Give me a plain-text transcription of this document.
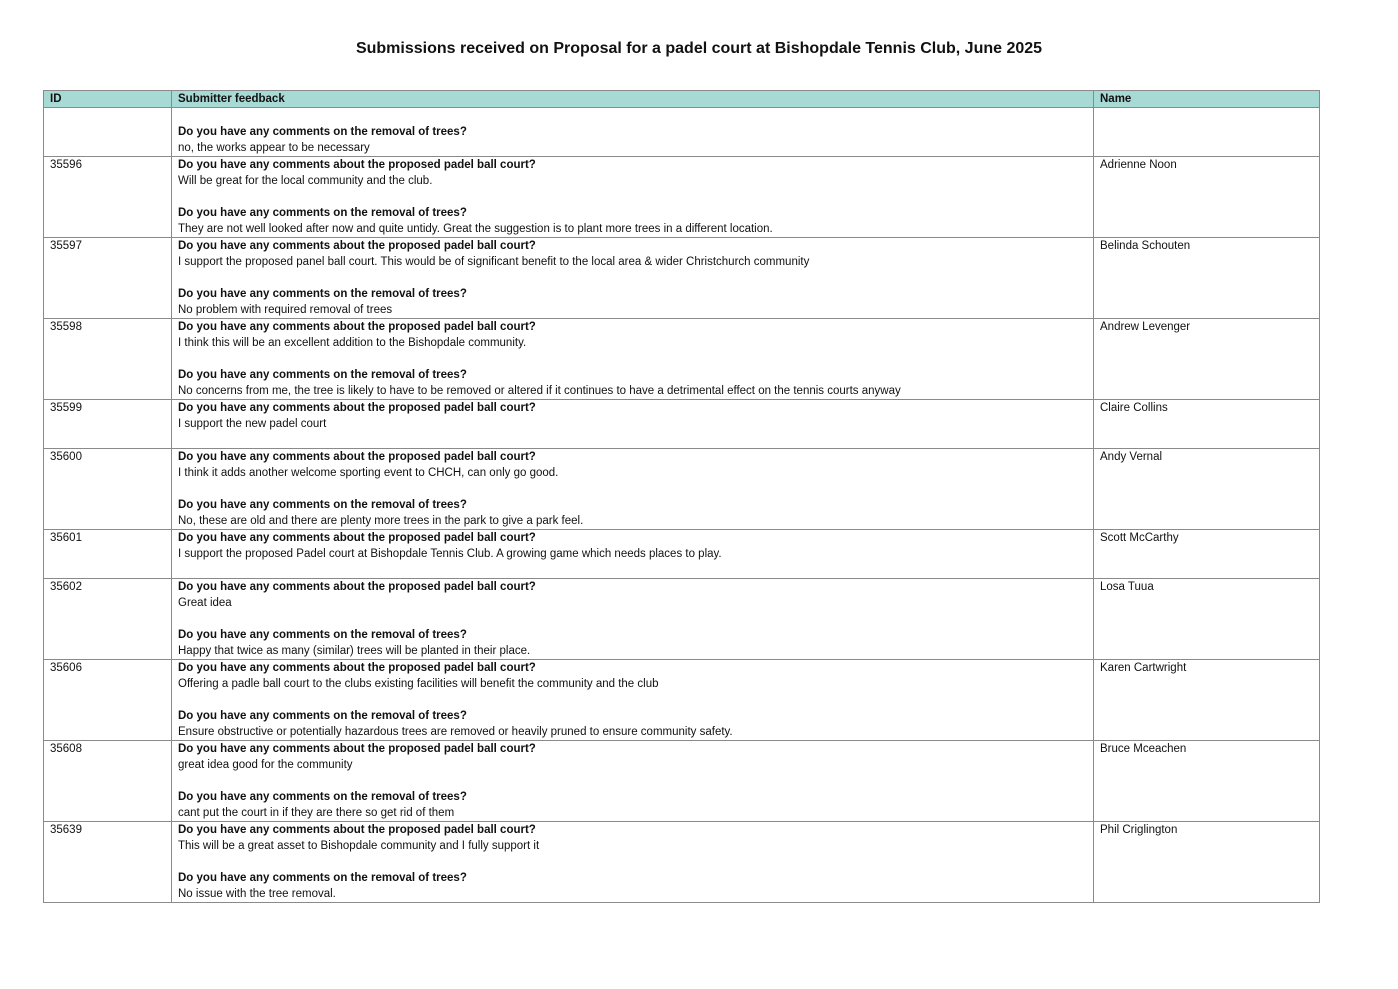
Submissions received on Proposal for a padel court at Bishopdale Tennis Club, June 2025
ID	Submitter feedback	Name

	Do you have any comments on the removal of trees?
no, the works appear to be necessary	

35596	Do you have any comments about the proposed padel ball court?
Will be great for the local community and the club.
Do you have any comments on the removal of trees?
They are not well looked after now and quite untidy. Great the suggestion is to plant more trees in a different location.	Adrienne Noon
35597	Do you have any comments about the proposed padel ball court?
I support the proposed panel ball court. This would be of significant benefit to the local area & wider Christchurch community
Do you have any comments on the removal of trees?
No problem with required removal of trees	Belinda Schouten
35598	Do you have any comments about the proposed padel ball court?
I think this will be an excellent addition to the Bishopdale community.
Do you have any comments on the removal of trees?
No concerns from me, the tree is likely to have to be removed or altered if it continues to have a detrimental effect on the tennis courts anyway	Andrew Levenger
35599	Do you have any comments about the proposed padel ball court?
I support the new padel court	Claire Collins
35600	Do you have any comments about the proposed padel ball court?
I think it adds another welcome sporting event to CHCH, can only go good.
Do you have any comments on the removal of trees?
No, these are old and there are plenty more trees in the park to give a park feel.	Andy Vernal
35601	Do you have any comments about the proposed padel ball court?
I support the proposed Padel court at Bishopdale Tennis Club. A growing game which needs places to play.	Scott McCarthy
35602	Do you have any comments about the proposed padel ball court?
Great idea
Do you have any comments on the removal of trees?
Happy that twice as many (similar) trees will be planted in their place.	Losa Tuua
35606	Do you have any comments about the proposed padel ball court?
Offering a padle ball court to the clubs existing facilities will benefit the community and the club
Do you have any comments on the removal of trees?
Ensure obstructive or potentially hazardous trees are removed or heavily pruned to ensure community safety.	Karen Cartwright
35608	Do you have any comments about the proposed padel ball court?
great idea good for the community
Do you have any comments on the removal of trees?
cant put the court in if they are there so get rid of them	Bruce Mceachen
35639	Do you have any comments about the proposed padel ball court?
This will be a great asset to Bishopdale community and I fully support it
Do you have any comments on the removal of trees?
No issue with the tree removal.	Phil Criglington
